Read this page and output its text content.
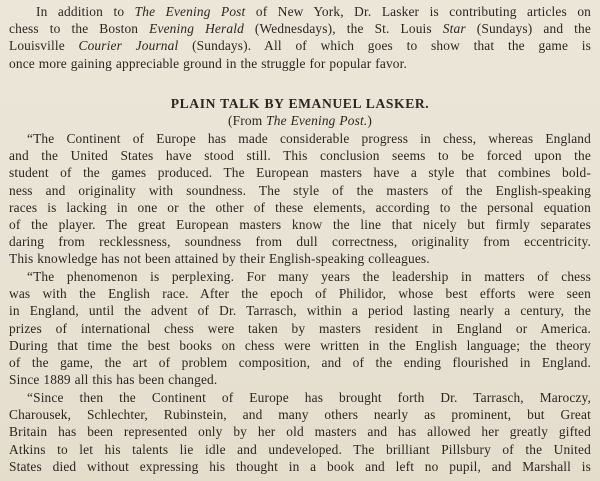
In addition to The Evening Post of New York, Dr. Lasker is contributing articles on
chess to the Boston Evening Herald (Wednesdays), the St. Louis Star (Sundays) and the
Louisville Courier Journal (Sundays). All of which goes to show that the game is
once more gaining appreciable ground in the struggle for popular favor.
PLAIN TALK BY EMANUEL LASKER.

(From The Evening Post.)

“The Continent of Europe has made considerable progress in chess, whereas England
and the United States have stood still. This conclusion seems to be forced upon the
student of the games produced. The European masters have a style that combines bold-
ness and originality with soundness. The style of the masters of the English-speaking
races is lacking in one or the other of these elements, according to the personal equation
of the player. The great European masters know the line that nicely but firmly separates
daring from recklessness, soundness from dull correctness, originality from eccentricity.
This knowledge has not been attained by their English-speaking colleagues.
“The phenomenon is perplexing. For many years the leadership in matters of chess
was with the English race. After the epoch of Philidor, whose best efforts were seen
in England, until the advent of Dr. Tarrasch, within a period lasting nearly a century, the
prizes of international chess were taken by masters resident in England or America.
During that time the best books on chess were written in the English language; the theory
of the game, the art of problem composition, and of the ending flourished in England.
Since 1889 all this has been changed.
“Since then the Continent of Europe has brought forth Dr. Tarrasch, Maroczy,
Charousek, Schlechter, Rubinstein, and many others nearly as prominent, but Great
Britain has been represented only by her old masters and has allowed her greatly gifted
Atkins to let his talents lie idle and undeveloped. The brilliant Pillsbury of the United
States died without expressing his thought in a book and left no pupil, and Marshall is
